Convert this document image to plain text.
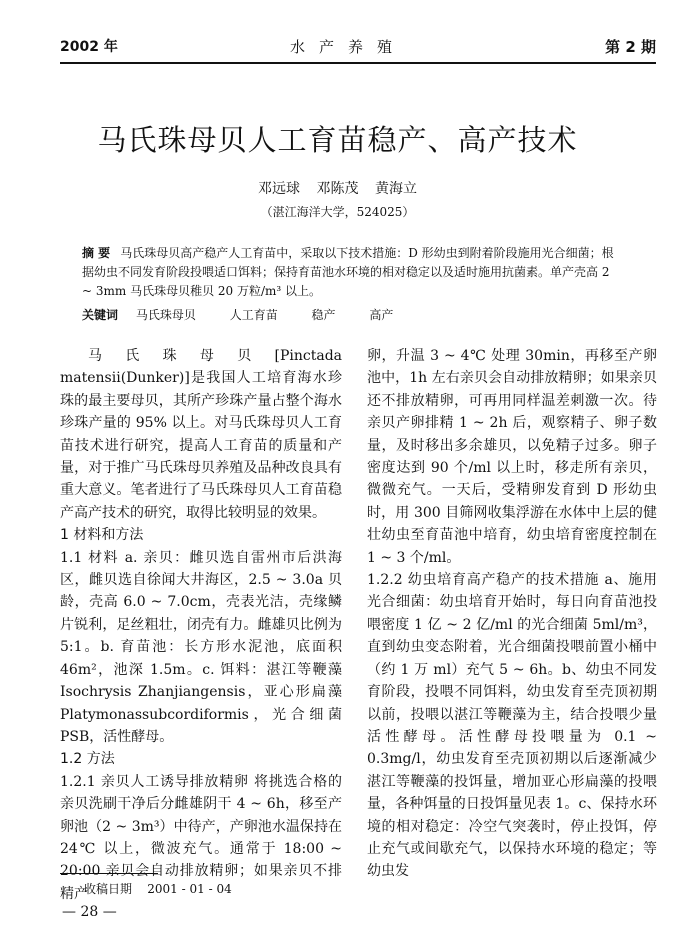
2002 年	水产养殖	第 2 期
马氏珠母贝人工育苗稳产、高产技术
邓远球 邓陈茂 黄海立
（湛江海洋大学，524025）
摘 要 马氏珠母贝高产稳产人工育苗中，采取以下技术措施：D 形幼虫到附着阶段施用光合细菌；根据幼虫不同发育阶段投喂适口饵料；保持育苗池水环境的相对稳定以及适时施用抗菌素。单产壳高 2 ~ 3mm 马氏珠母贝稚贝 20 万粒/m³ 以上。
关键词 马氏珠母贝	人工育苗	稳产	高产

马氏珠母贝[Pinctada matensii(Dunker)]是我国人工培育海水珍珠的最主要母贝，其所产珍珠产量占整个海水珍珠产量的 95% 以上。对马氏珠母贝人工育苗技术进行研究，提高人工育苗的质量和产量，对于推广马氏珠母贝养殖及品种改良具有重大意义。笔者进行了马氏珠母贝人工育苗稳产高产技术的研究，取得比较明显的效果。

1 材料和方法

1.1 材料 a. 亲贝：雌贝选自雷州市后洪海区，雌贝选自徐闻大井海区，2.5 ~ 3.0a 贝龄，壳高 6.0 ~ 7.0cm，壳表光洁，壳缘鳞片锐利，足丝粗壮，闭壳有力。雌雄贝比例为 5:1。b. 育苗池：长方形水泥池，底面积 46m²，池深 1.5m。c. 饵料：湛江等鞭藻 Isochrysis Zhanjiangensis，亚心形扁藻 Platymonassubcordiformis，光合细菌 PSB，活性酵母。

1.2 方法

1.2.1 亲贝人工诱导排放精卵 将挑选合格的亲贝洗刷干净后分雌雄阴干 4 ~ 6h，移至产卵池（2 ~ 3m³）中待产，产卵池水温保持在 24℃ 以上，微波充气。通常于 18:00 ~ 20:00 亲贝会自动排放精卵；如果亲贝不排精产

卵，升温 3 ~ 4℃ 处理 30min，再移至产卵池中，1h 左右亲贝会自动排放精卵；如果亲贝还不排放精卵，可再用同样温差刺激一次。待亲贝产卵排精 1 ~ 2h 后，观察精子、卵子数量，及时移出多余雄贝，以免精子过多。卵子密度达到 90 个/ml 以上时，移走所有亲贝，微微充气。一天后，受精卵发育到 D 形幼虫时，用 300 目筛网收集浮游在水体中上层的健壮幼虫至育苗池中培育，幼虫培育密度控制在 1 ~ 3 个/ml。

1.2.2 幼虫培育高产稳产的技术措施 a、施用光合细菌：幼虫培育开始时，每日向育苗池投喂密度 1 亿 ~ 2 亿/ml 的光合细菌 5ml/m³，直到幼虫变态附着，光合细菌投喂前置小桶中（约 1 万 ml）充气 5 ~ 6h。b、幼虫不同发育阶段，投喂不同饵料，幼虫发育至壳顶初期以前，投喂以湛江等鞭藻为主，结合投喂少量活性酵母。活性酵母投喂量为 0.1 ~ 0.3mg/l，幼虫发育至壳顶初期以后逐渐减少湛江等鞭藻的投饵量，增加亚心形扁藻的投喂量，各种饵量的日投饵量见表 1。c、保持水环境的相对稳定：冷空气突袭时，停止投饵，停止充气或间歇充气，以保持水环境的稳定；等幼虫发

收稿日期 2001 - 01 - 04
— 28 —
